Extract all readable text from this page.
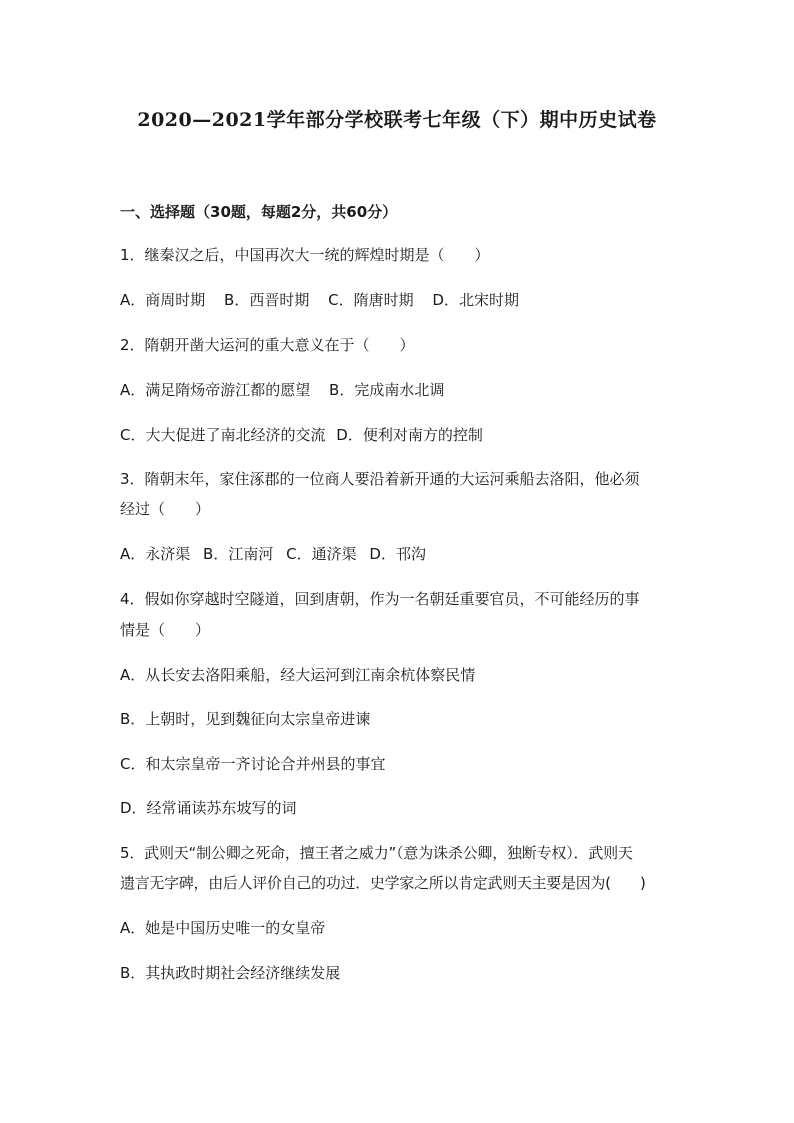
2020—2021学年部分学校联考七年级（下）期中历史试卷
一、选择题（30题，每题2分，共60分）
1．继秦汉之后，中国再次大一统的辉煌时期是（　　）
A．商周时期 B．西晋时期 C．隋唐时期 D．北宋时期
2．隋朝开凿大运河的重大意义在于（　　）
A．满足隋炀帝游江都的愿望 B．完成南水北调
C．大大促进了南北经济的交流 D．便利对南方的控制
3．隋朝末年，家住涿郡的一位商人要沿着新开通的大运河乘船去洛阳，他必须
经过（　　）
A．永济渠 B．江南河 C．通济渠 D．邗沟
4．假如你穿越时空隧道，回到唐朝，作为一名朝廷重要官员，不可能经历的事
情是（　　）
A．从长安去洛阳乘船，经大运河到江南余杭体察民情
B．上朝时，见到魏征向太宗皇帝进谏
C．和太宗皇帝一齐讨论合并州县的事宜
D．经常诵读苏东坡写的词
5．武则天“制公卿之死命，擅王者之威力”（意为诛杀公卿，独断专权）．武则天
遗言无字碑，由后人评价自己的功过．史学家之所以肯定武则天主要是因为(　　)
A．她是中国历史唯一的女皇帝
B．其执政时期社会经济继续发展
